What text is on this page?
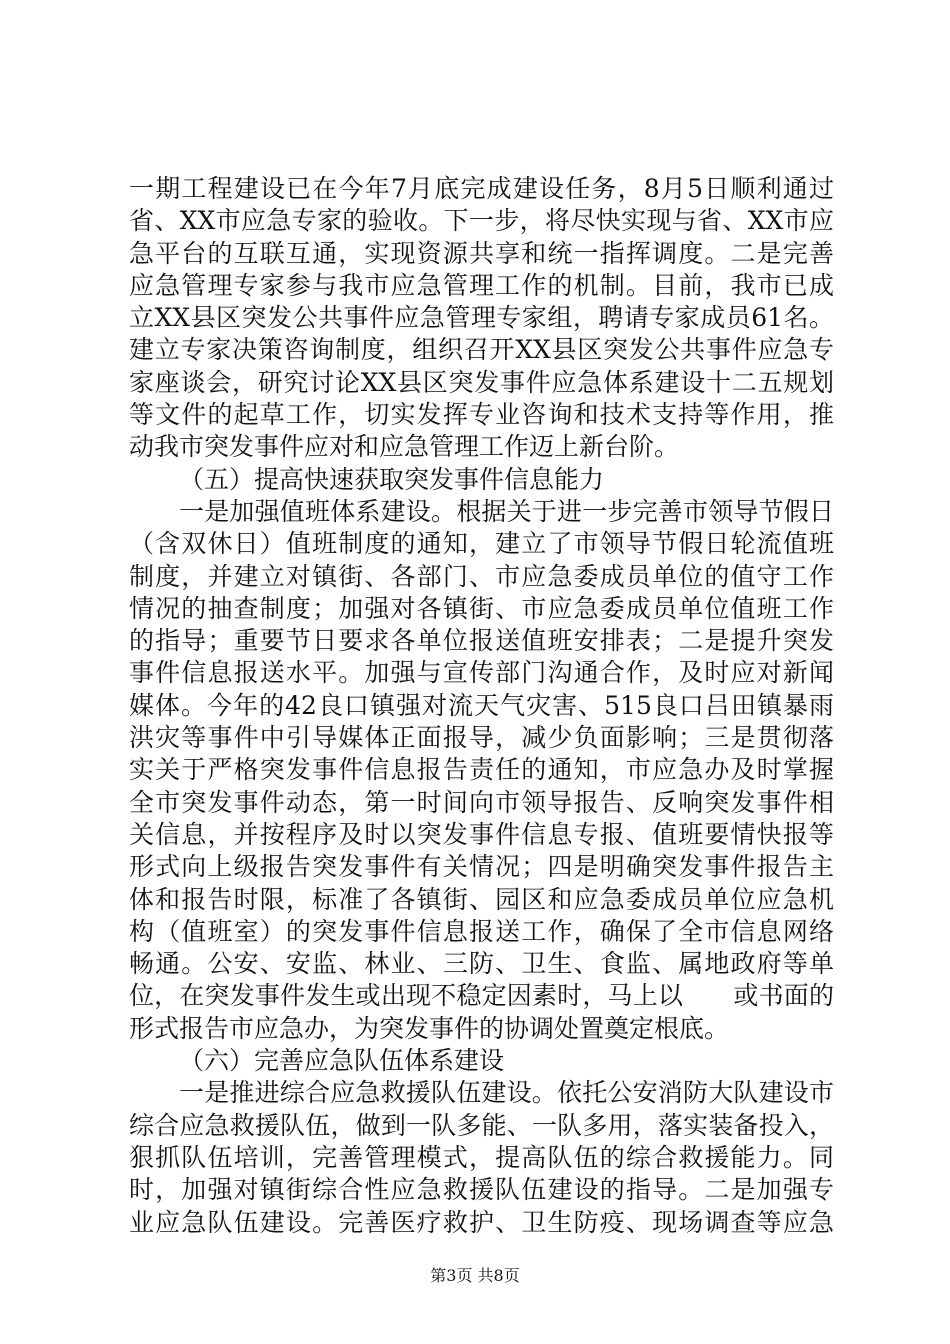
一期工程建设已在今年7月底完成建设任务，8月5日顺利通过
省、XX市应急专家的验收。下一步，将尽快实现与省、XX市应
急平台的互联互通，实现资源共享和统一指挥调度。二是完善
应急管理专家参与我市应急管理工作的机制。目前，我市已成
立XX县区突发公共事件应急管理专家组，聘请专家成员61名。
建立专家决策咨询制度，组织召开XX县区突发公共事件应急专
家座谈会，研究讨论XX县区突发事件应急体系建设十二五规划
等文件的起草工作，切实发挥专业咨询和技术支持等作用，推
动我市突发事件应对和应急管理工作迈上新台阶。
（五）提高快速获取突发事件信息能力
一是加强值班体系建设。根据关于进一步完善市领导节假日
（含双休日）值班制度的通知，建立了市领导节假日轮流值班
制度，并建立对镇街、各部门、市应急委成员单位的值守工作
情况的抽查制度；加强对各镇街、市应急委成员单位值班工作
的指导；重要节日要求各单位报送值班安排表；二是提升突发
事件信息报送水平。加强与宣传部门沟通合作，及时应对新闻
媒体。今年的42良口镇强对流天气灾害、515良口吕田镇暴雨
洪灾等事件中引导媒体正面报导，减少负面影响；三是贯彻落
实关于严格突发事件信息报告责任的通知，市应急办及时掌握
全市突发事件动态，第一时间向市领导报告、反响突发事件相
关信息，并按程序及时以突发事件信息专报、值班要情快报等
形式向上级报告突发事件有关情况；四是明确突发事件报告主
体和报告时限，标准了各镇街、园区和应急委成员单位应急机
构（值班室）的突发事件信息报送工作，确保了全市信息网络
畅通。公安、安监、林业、三防、卫生、食监、属地政府等单
位，在突发事件发生或出现不稳定因素时，马上以　　或书面的
形式报告市应急办，为突发事件的协调处置奠定根底。
（六）完善应急队伍体系建设
一是推进综合应急救援队伍建设。依托公安消防大队建设市
综合应急救援队伍，做到一队多能、一队多用，落实装备投入，
狠抓队伍培训，完善管理模式，提高队伍的综合救援能力。同
时，加强对镇街综合性应急救援队伍建设的指导。二是加强专
业应急队伍建设。完善医疗救护、卫生防疫、现场调查等应急
第3页 共8页
